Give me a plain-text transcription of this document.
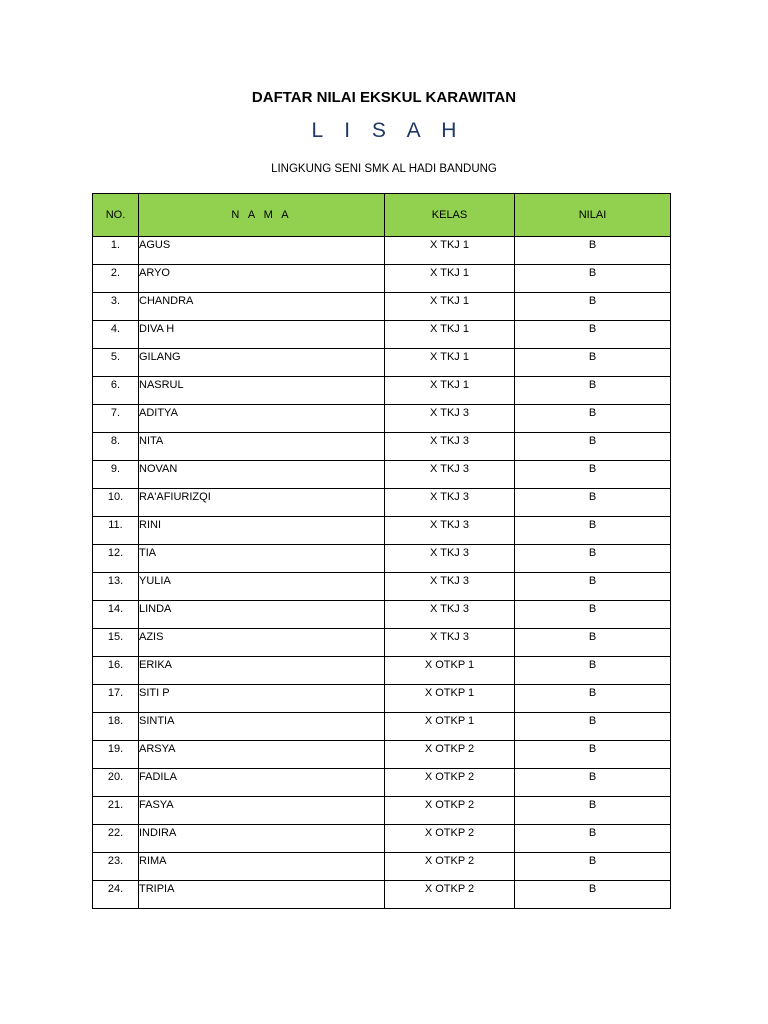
DAFTAR NILAI EKSKUL KARAWITAN
L I S A H
LINGKUNG SENI SMK AL HADI BANDUNG
NO.	N A M A	KELAS	NILAI
1.	AGUS	X TKJ 1	B
2.	ARYO	X TKJ 1	B
3.	CHANDRA	X TKJ 1	B
4.	DIVA H	X TKJ 1	B
5.	GILANG	X TKJ 1	B
6.	NASRUL	X TKJ 1	B
7.	ADITYA	X TKJ 3	B
8.	NITA	X TKJ 3	B
9.	NOVAN	X TKJ 3	B
10.	RA'AFIURIZQI	X TKJ 3	B
11.	RINI	X TKJ 3	B
12.	TIA	X TKJ 3	B
13.	YULIA	X TKJ 3	B
14.	LINDA	X TKJ 3	B
15.	AZIS	X TKJ 3	B
16.	ERIKA	X OTKP 1	B
17.	SITI P	X OTKP 1	B
18.	SINTIA	X OTKP 1	B
19.	ARSYA	X OTKP 2	B
20.	FADILA	X OTKP 2	B
21.	FASYA	X OTKP 2	B
22.	INDIRA	X OTKP 2	B
23.	RIMA	X OTKP 2	B
24.	TRIPIA	X OTKP 2	B
